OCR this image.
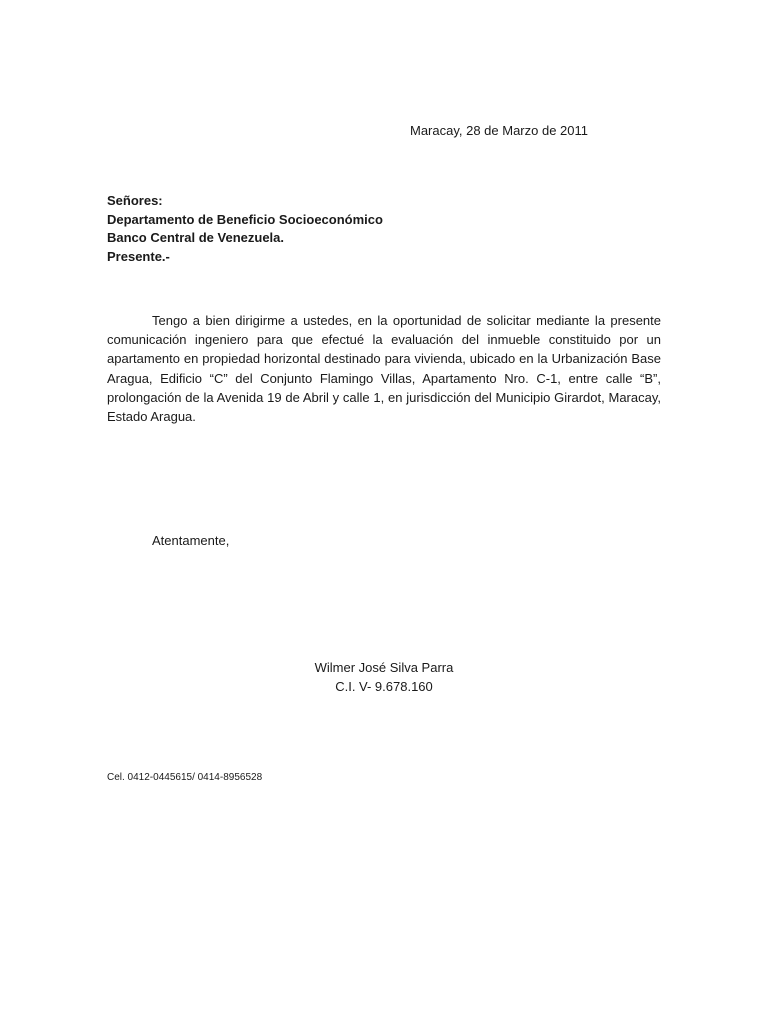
Maracay, 28 de Marzo de 2011
Señores:
Departamento de Beneficio Socioeconómico
Banco Central de Venezuela.
Presente.-

Tengo a bien dirigirme a ustedes, en la oportunidad de solicitar mediante la presente comunicación ingeniero para que efectué la evaluación del inmueble constituido por un apartamento en propiedad horizontal destinado para vivienda, ubicado en la Urbanización Base Aragua, Edificio “C” del Conjunto Flamingo Villas, Apartamento Nro. C-1, entre calle “B”, prolongación de la Avenida 19 de Abril y calle 1, en jurisdicción del Municipio Girardot, Maracay, Estado Aragua.

Atentamente,
Wilmer José Silva Parra
C.I. V- 9.678.160
Cel. 0412-0445615/ 0414-8956528
